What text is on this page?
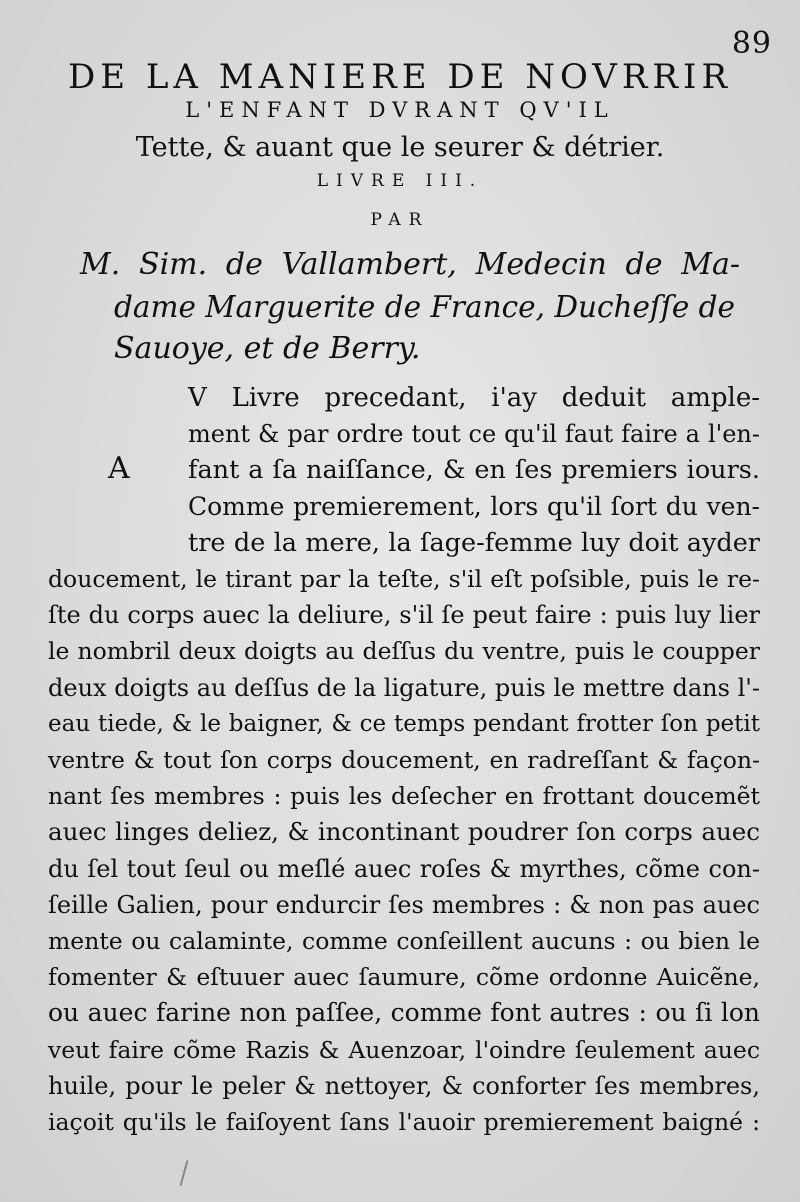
89
DE LA MANIERE DE NOVRRIR
L'ENFANT DVRANT QV'IL
Tette, & auant que le seurer & détrier.
LIVRE III.
PAR
M. Sim. de Vallambert, Medecin de Ma-
dame Marguerite de France, Ducheſſe de
Sauoye, et de Berry.
A
V Livre precedant, i'ay deduit ample-
ment & par ordre tout ce qu'il faut faire a l'en-
fant a ſa naiſſance, & en ſes premiers iours.
Comme premierement, lors qu'il ſort du ven-
tre de la mere, la ſage-femme luy doit ayder
doucement, le tirant par la teſte, s'il eſt poſsible, puis le re-
ſte du corps auec la deliure, s'il ſe peut faire : puis luy lier
le nombril deux doigts au deſſus du ventre, puis le coupper
deux doigts au deſſus de la ligature, puis le mettre dans l'-
eau tiede, & le baigner, & ce temps pendant frotter ſon petit
ventre & tout ſon corps doucement, en radreſſant & façon-
nant ſes membres : puis les deſecher en frottant doucemẽt
auec linges deliez, & incontinant poudrer ſon corps auec
du ſel tout ſeul ou meſlé auec roſes & myrthes, cõme con-
ſeille Galien, pour endurcir ſes membres : & non pas auec
mente ou calaminte, comme conſeillent aucuns : ou bien le
fomenter & eſtuuer auec ſaumure, cõme ordonne Auicẽne,
ou auec farine non paſſee, comme font autres : ou ſi lon
veut faire cõme Razis & Auenzoar, l'oindre ſeulement auec
huile, pour le peler & nettoyer, & conforter ſes membres,
iaçoit qu'ils le faiſoyent ſans l'auoir premierement baigné :
